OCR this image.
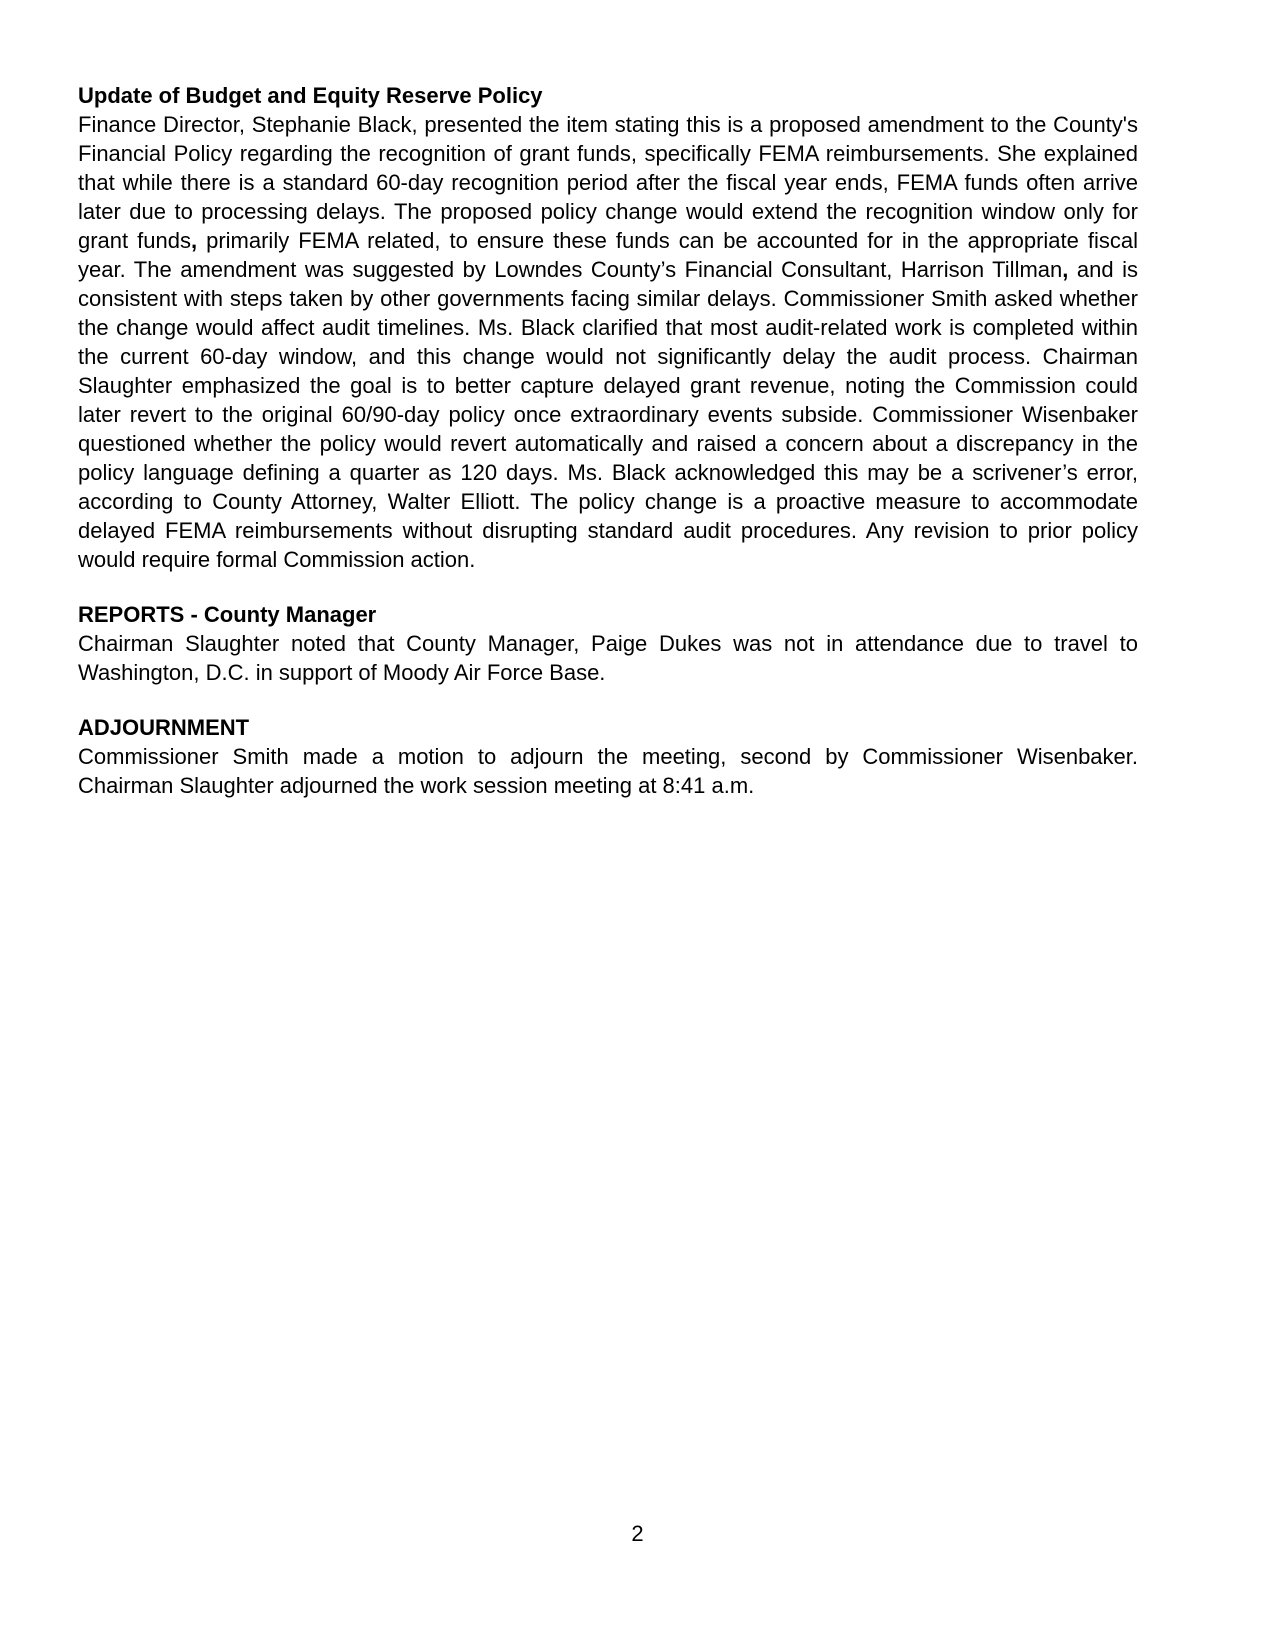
Update of Budget and Equity Reserve Policy

Finance Director, Stephanie Black, presented the item stating this is a proposed amendment to the County's Financial Policy regarding the recognition of grant funds, specifically FEMA reimbursements. She explained that while there is a standard 60-day recognition period after the fiscal year ends, FEMA funds often arrive later due to processing delays. The proposed policy change would extend the recognition window only for grant funds, primarily FEMA related, to ensure these funds can be accounted for in the appropriate fiscal year. The amendment was suggested by Lowndes County’s Financial Consultant, Harrison Tillman, and is consistent with steps taken by other governments facing similar delays. Commissioner Smith asked whether the change would affect audit timelines. Ms. Black clarified that most audit-related work is completed within the current 60-day window, and this change would not significantly delay the audit process. Chairman Slaughter emphasized the goal is to better capture delayed grant revenue, noting the Commission could later revert to the original 60/90-day policy once extraordinary events subside. Commissioner Wisenbaker questioned whether the policy would revert automatically and raised a concern about a discrepancy in the policy language defining a quarter as 120 days. Ms. Black acknowledged this may be a scrivener’s error, according to County Attorney, Walter Elliott. The policy change is a proactive measure to accommodate delayed FEMA reimbursements without disrupting standard audit procedures. Any revision to prior policy would require formal Commission action.

REPORTS - County Manager

Chairman Slaughter noted that County Manager, Paige Dukes was not in attendance due to travel to Washington, D.C. in support of Moody Air Force Base.

ADJOURNMENT

Commissioner Smith made a motion to adjourn the meeting, second by Commissioner Wisenbaker. Chairman Slaughter adjourned the work session meeting at 8:41 a.m.

2
